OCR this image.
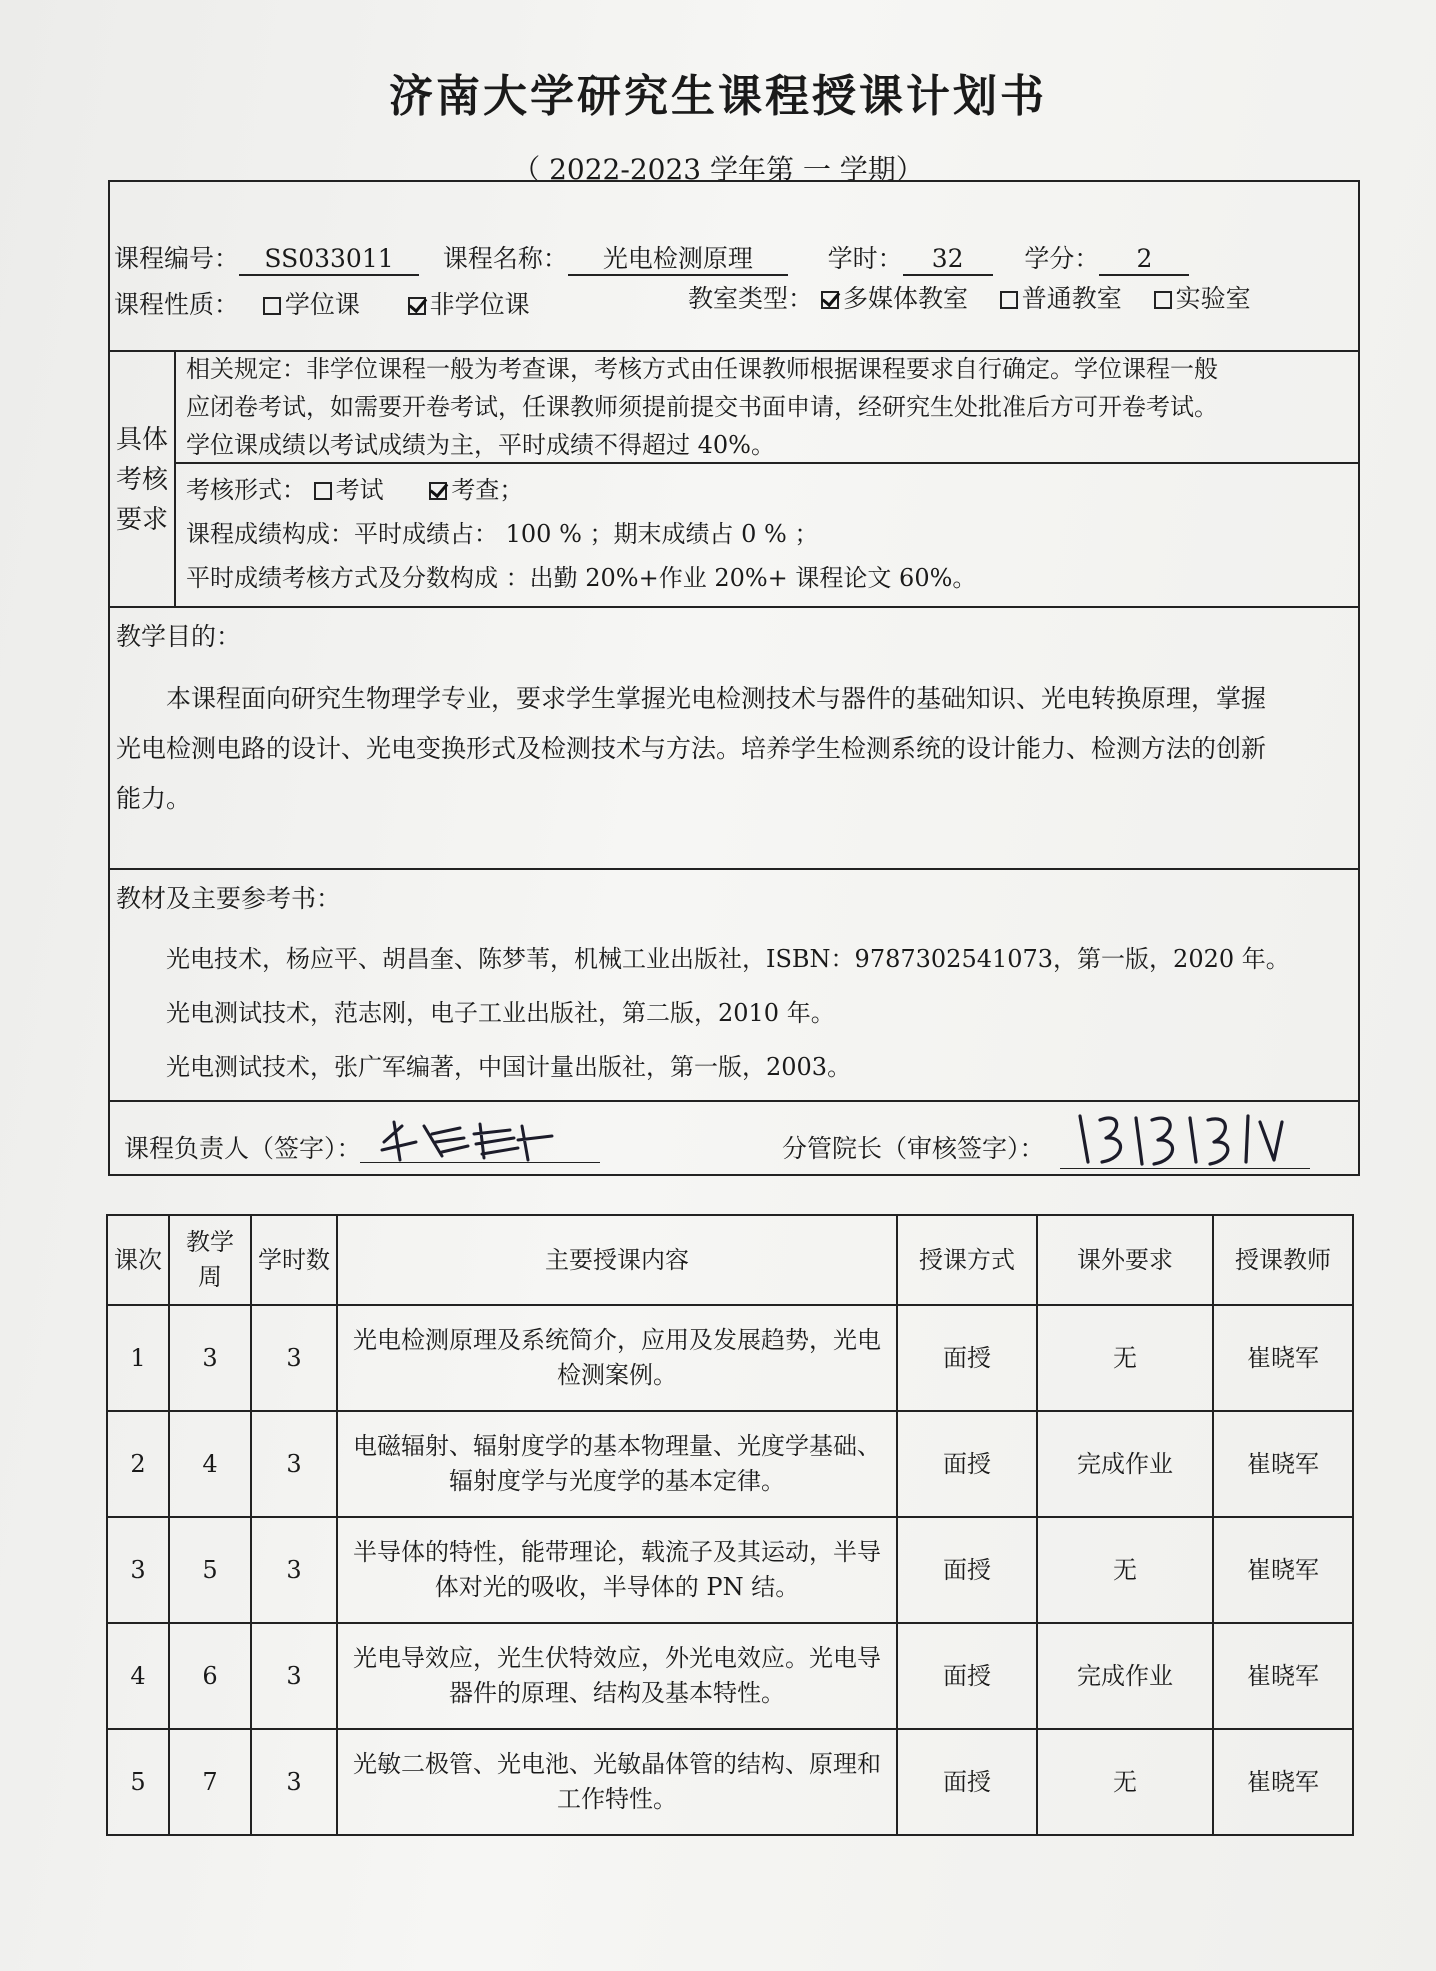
济南大学研究生课程授课计划书
（ 2022-2023 学年第 一 学期）
课程编号： SS033011 课程名称： 光电检测原理	学时： 32 学分： 2
课程性质： 学位课	非学位课	教室类型： 多媒体教室 普通教室 实验室
具体
考核
要求
相关规定：非学位课程一般为考查课，考核方式由任课教师根据课程要求自行确定。学位课程一般
应闭卷考试，如需要开卷考试，任课教师须提前提交书面申请，经研究生处批准后方可开卷考试。
学位课成绩以考试成绩为主，平时成绩不得超过 40%。
考核形式： 考试	考查；
课程成绩构成：平时成绩占： 100 % ；期末成绩占 0 % ；
平时成绩考核方式及分数构成 ：出勤 20%+作业 20%+ 课程论文 60%。
教学目的：
本课程面向研究生物理学专业，要求学生掌握光电检测技术与器件的基础知识、光电转换原理，掌握
光电检测电路的设计、光电变换形式及检测技术与方法。培养学生检测系统的设计能力、检测方法的创新
能力。
教材及主要参考书：
光电技术，杨应平、胡昌奎、陈梦苇，机械工业出版社，ISBN：9787302541073，第一版，2020 年。
光电测试技术，范志刚，电子工业出版社，第二版，2010 年。
光电测试技术，张广军编著，中国计量出版社，第一版，2003。
课程负责人（签字）：	分管院长（审核签字）：
课次	教学周	学时数	主要授课内容	授课方式	课外要求	授课教师
1	3	3	光电检测原理及系统简介，应用及发展趋势，光电检测案例。	面授	无	崔晓军
2	4	3	电磁辐射、辐射度学的基本物理量、光度学基础、辐射度学与光度学的基本定律。	面授	完成作业	崔晓军
3	5	3	半导体的特性，能带理论，载流子及其运动，半导体对光的吸收，半导体的 PN 结。	面授	无	崔晓军
4	6	3	光电导效应，光生伏特效应，外光电效应。光电导器件的原理、结构及基本特性。	面授	完成作业	崔晓军
5	7	3	光敏二极管、光电池、光敏晶体管的结构、原理和工作特性。	面授	无	崔晓军
